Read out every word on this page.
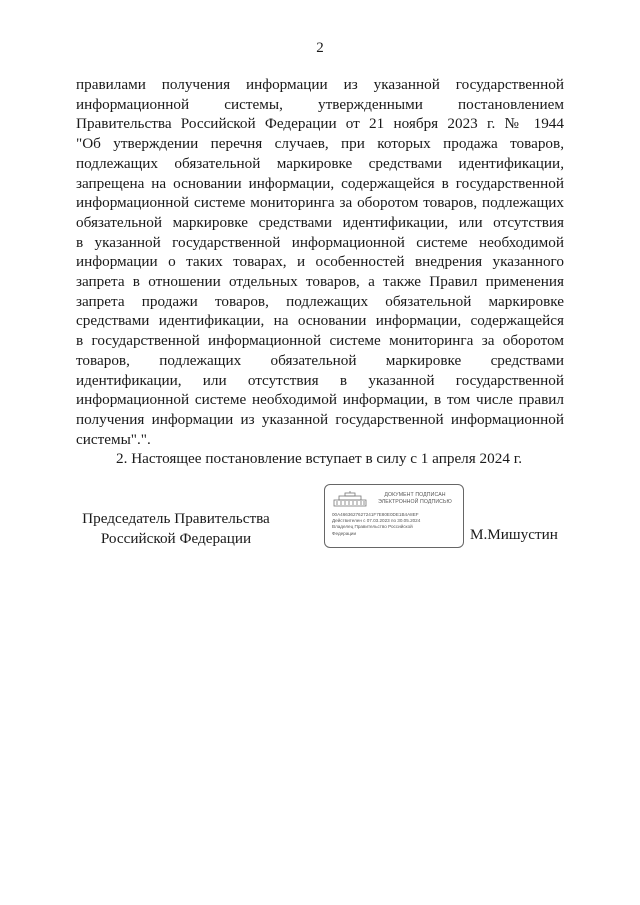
2
правилами получения информации из указанной государственной
информационной системы, утвержденными постановлением
Правительства Российской Федерации от 21 ноября 2023 г. № 1944
"Об утверждении перечня случаев, при которых продажа товаров,
подлежащих обязательной маркировке средствами идентификации,
запрещена на основании информации, содержащейся в государственной
информационной системе мониторинга за оборотом товаров, подлежащих
обязательной маркировке средствами идентификации, или отсутствия
в указанной государственной информационной системе необходимой
информации о таких товарах, и особенностей внедрения указанного
запрета в отношении отдельных товаров, а также Правил применения
запрета продажи товаров, подлежащих обязательной маркировке
средствами идентификации, на основании информации, содержащейся
в государственной информационной системе мониторинга за оборотом
товаров, подлежащих обязательной маркировке средствами
идентификации, или отсутствия в указанной государственной
информационной системе необходимой информации, в том числе правил
получения информации из указанной государственной информационной
системы".".
2. Настоящее постановление вступает в силу с 1 апреля 2024 г.
Председатель Правительства
Российской Федерации
ДОКУМЕНТ ПОДПИСАН
ЭЛЕКТРОННОЙ ПОДПИСЬЮ
00A4663627627241F7E80E0DE1B4A8EF
Действителен с 07.03.2023 по 30.05.2024
Владелец Правительство Российской
Федерации	М.Мишустин
